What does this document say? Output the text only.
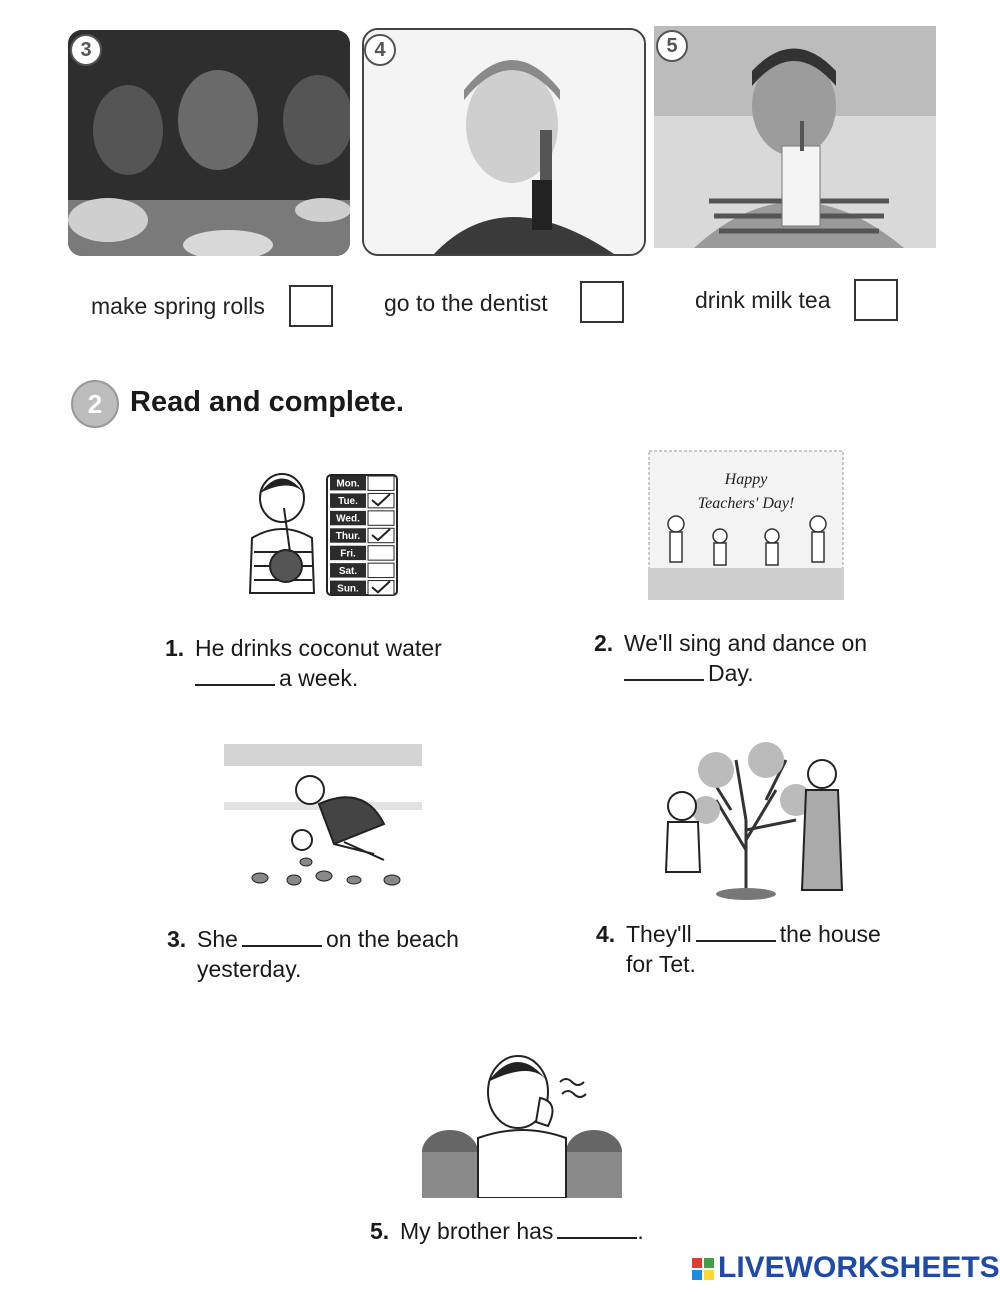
3	4	5
make spring rolls	go to the dentist	drink milk tea
2 Read and complete.
Mon.
Tue.
Wed.
Thur.
Fri.
Sat.
Sun.
Happy
Teachers' Day!
1. He drinks coconut water
a week.
2. We'll sing and dance on
Day.
3. She	on the beach
yesterday.
4. They'll	the house
for Tet.
5. My brother has	.
LIVEWORKSHEETS
